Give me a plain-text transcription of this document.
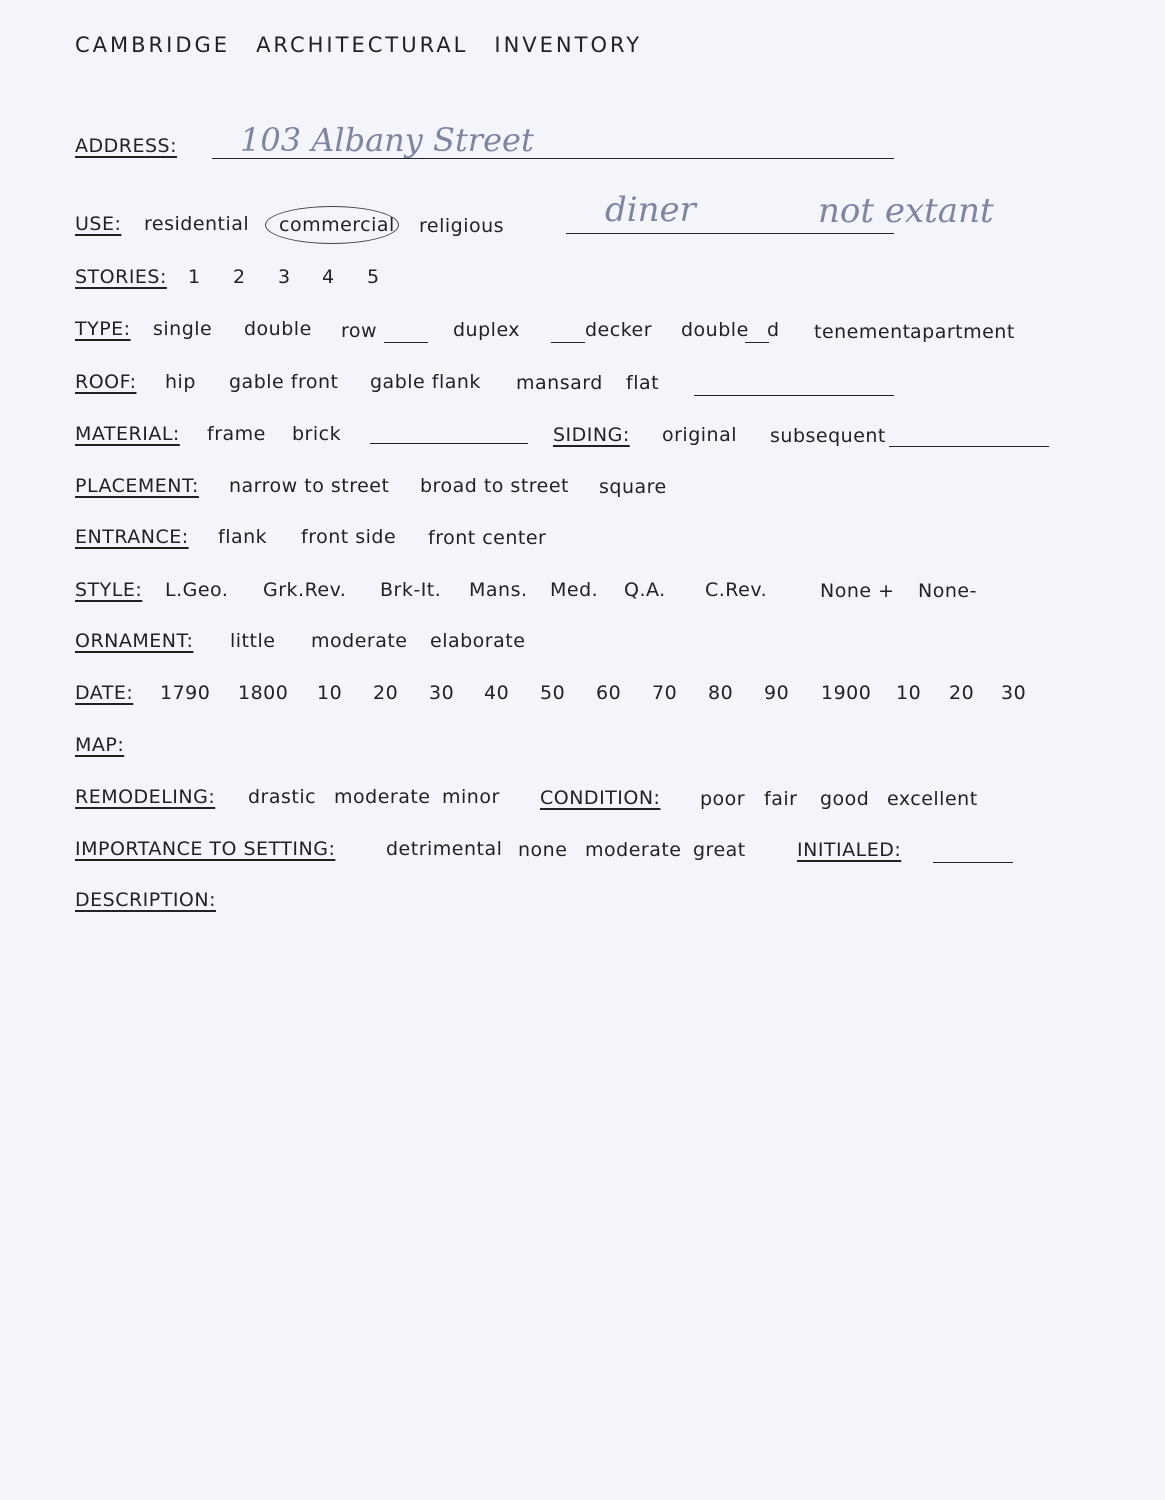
CAMBRIDGE ARCHITECTURAL INVENTORY
ADDRESS: 103 Albany Street
USE: residential commercial religious	diner	not extant
STORIES: 1 2 3 4 5
TYPE: single double row	duplex	decker double d tenement apartment
ROOF: hip gable front gable flank mansard flat
MATERIAL: frame brick	SIDING: original subsequent
PLACEMENT: narrow to street broad to street square
ENTRANCE: flank front side front center
STYLE: L.Geo. Grk.Rev. Brk-It. Mans. Med. Q.A. C.Rev.	None + None-
ORNAMENT: little moderate elaborate
DATE: 1790 1800 10 20 30 40 50 60 70 80 90 1900 10 20 30
MAP:
REMODELING: drastic moderate minor CONDITION: poor fair good excellent
IMPORTANCE TO SETTING:	detrimental none moderate great	INITIALED:
DESCRIPTION:
